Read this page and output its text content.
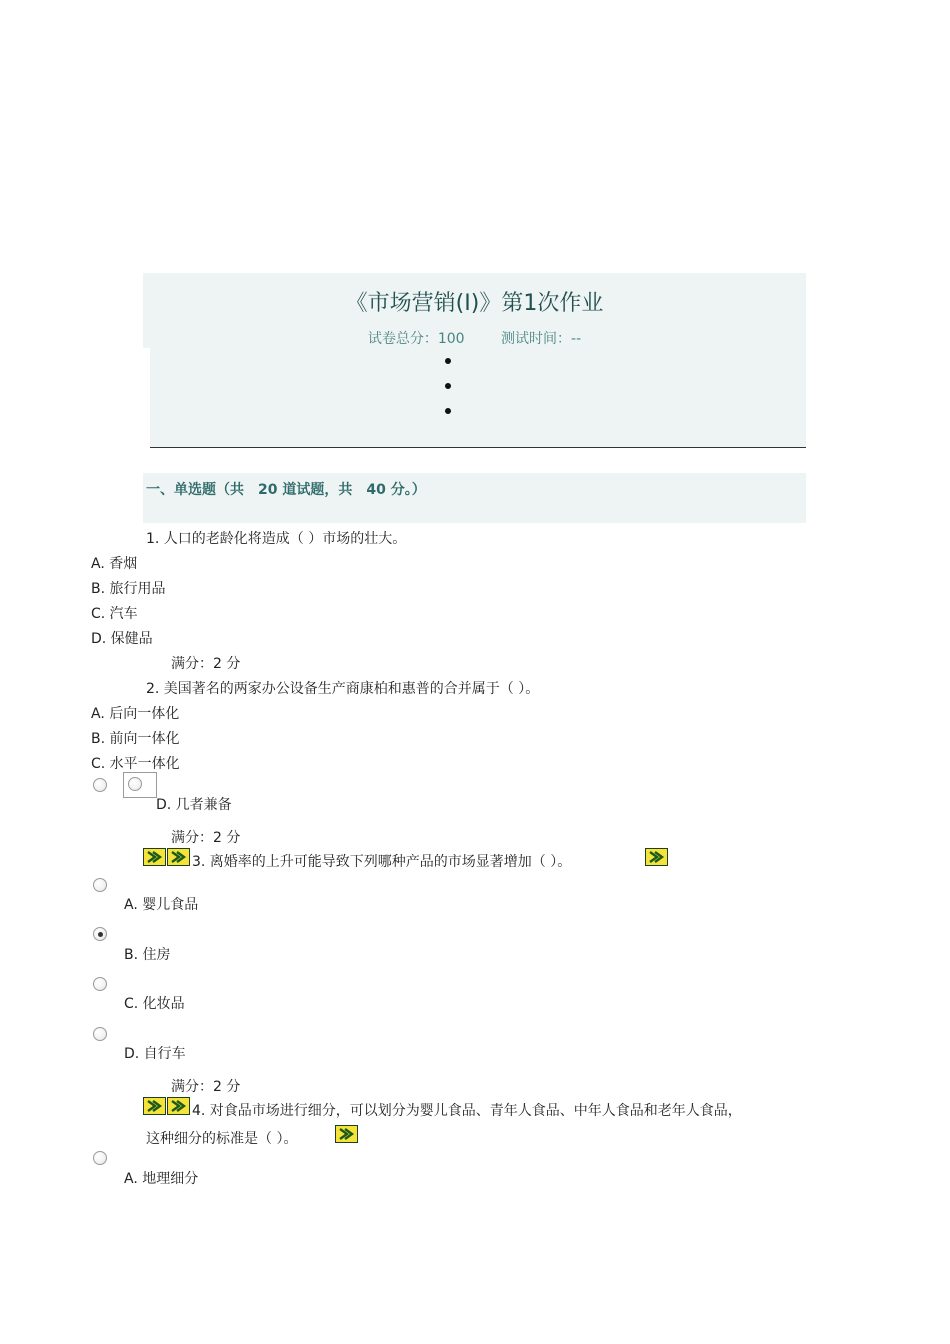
《市场营销(Ⅰ)》第1次作业
试卷总分：100	测试时间：--
一、单选题（共　20 道试题，共　40 分。）
1. 人口的老龄化将造成（ ）市场的壮大。
A. 香烟
B. 旅行用品
C. 汽车
D. 保健品
满分：2 分
2. 美国著名的两家办公设备生产商康柏和惠普的合并属于（ ）。
A. 后向一体化
B. 前向一体化
C. 水平一体化
D. 几者兼备
满分：2 分
3. 离婚率的上升可能导致下列哪种产品的市场显著增加（ ）。
A. 婴儿食品
B. 住房
C. 化妆品
D. 自行车
满分：2 分
4. 对食品市场进行细分，可以划分为婴儿食品、青年人食品、中年人食品和老年人食品，
这种细分的标准是（ ）。
A. 地理细分
